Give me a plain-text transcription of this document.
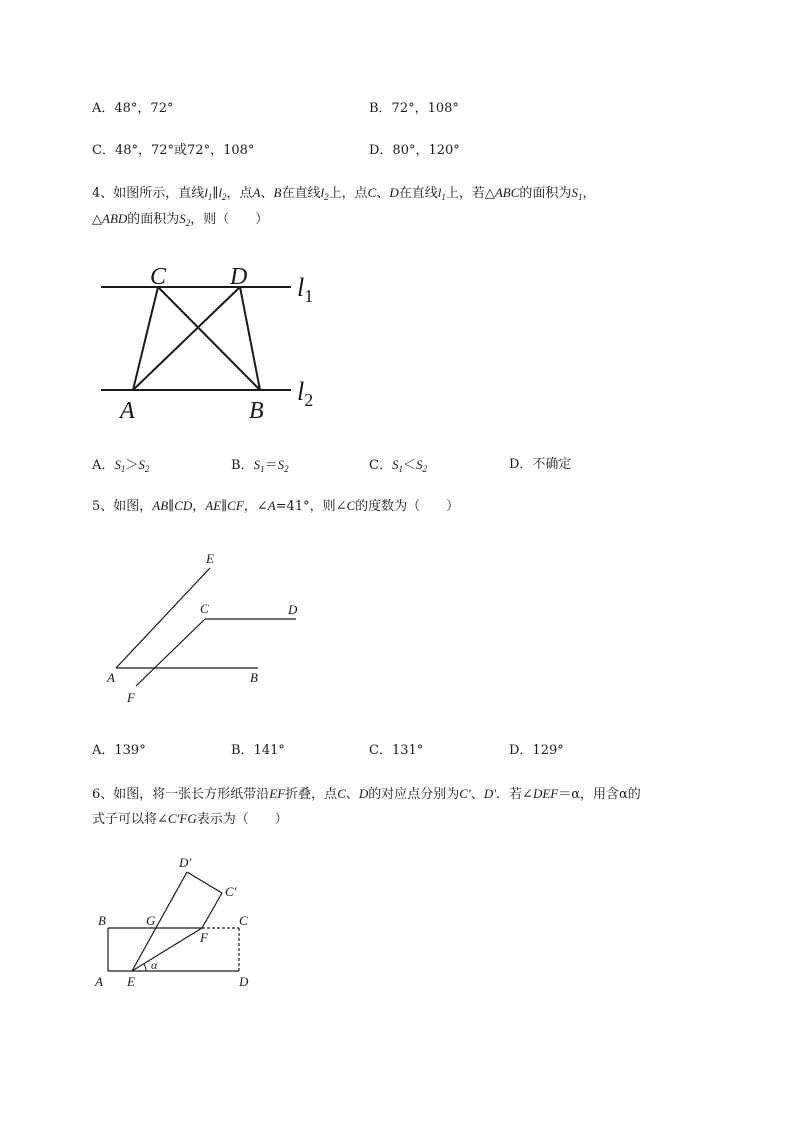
A．48°，72°	B．72°，108°
C．48°，72°或72°，108°	D．80°，120°
4、如图所示，直线$l_1\parallel l_2$，点A、B在直线$l_2$上，点C、D在直线$l_1$上，若△ABC的面积为$S_1$，
△ABD的面积为$S_2$，则（　　）
C	D
A	B
$l_1$
$l_2$
A．$S_1>S_2$	B．$S_1=S_2$	C．$S_1<S_2$	D．不确定
5、如图，AB∥CD，AE∥CF，∠A=41°，则∠C的度数为（　　）
E
C	D
A	B
F
A．139°	B．141°	C．131°	D．129°
6、如图，将一张长方形纸带沿EF折叠，点C、D的对应点分别为C′、D′．若∠DEF＝α，用含α的
式子可以将∠C′FG表示为（　　）
D′
C′
B	G	C
F
A E	D
α
